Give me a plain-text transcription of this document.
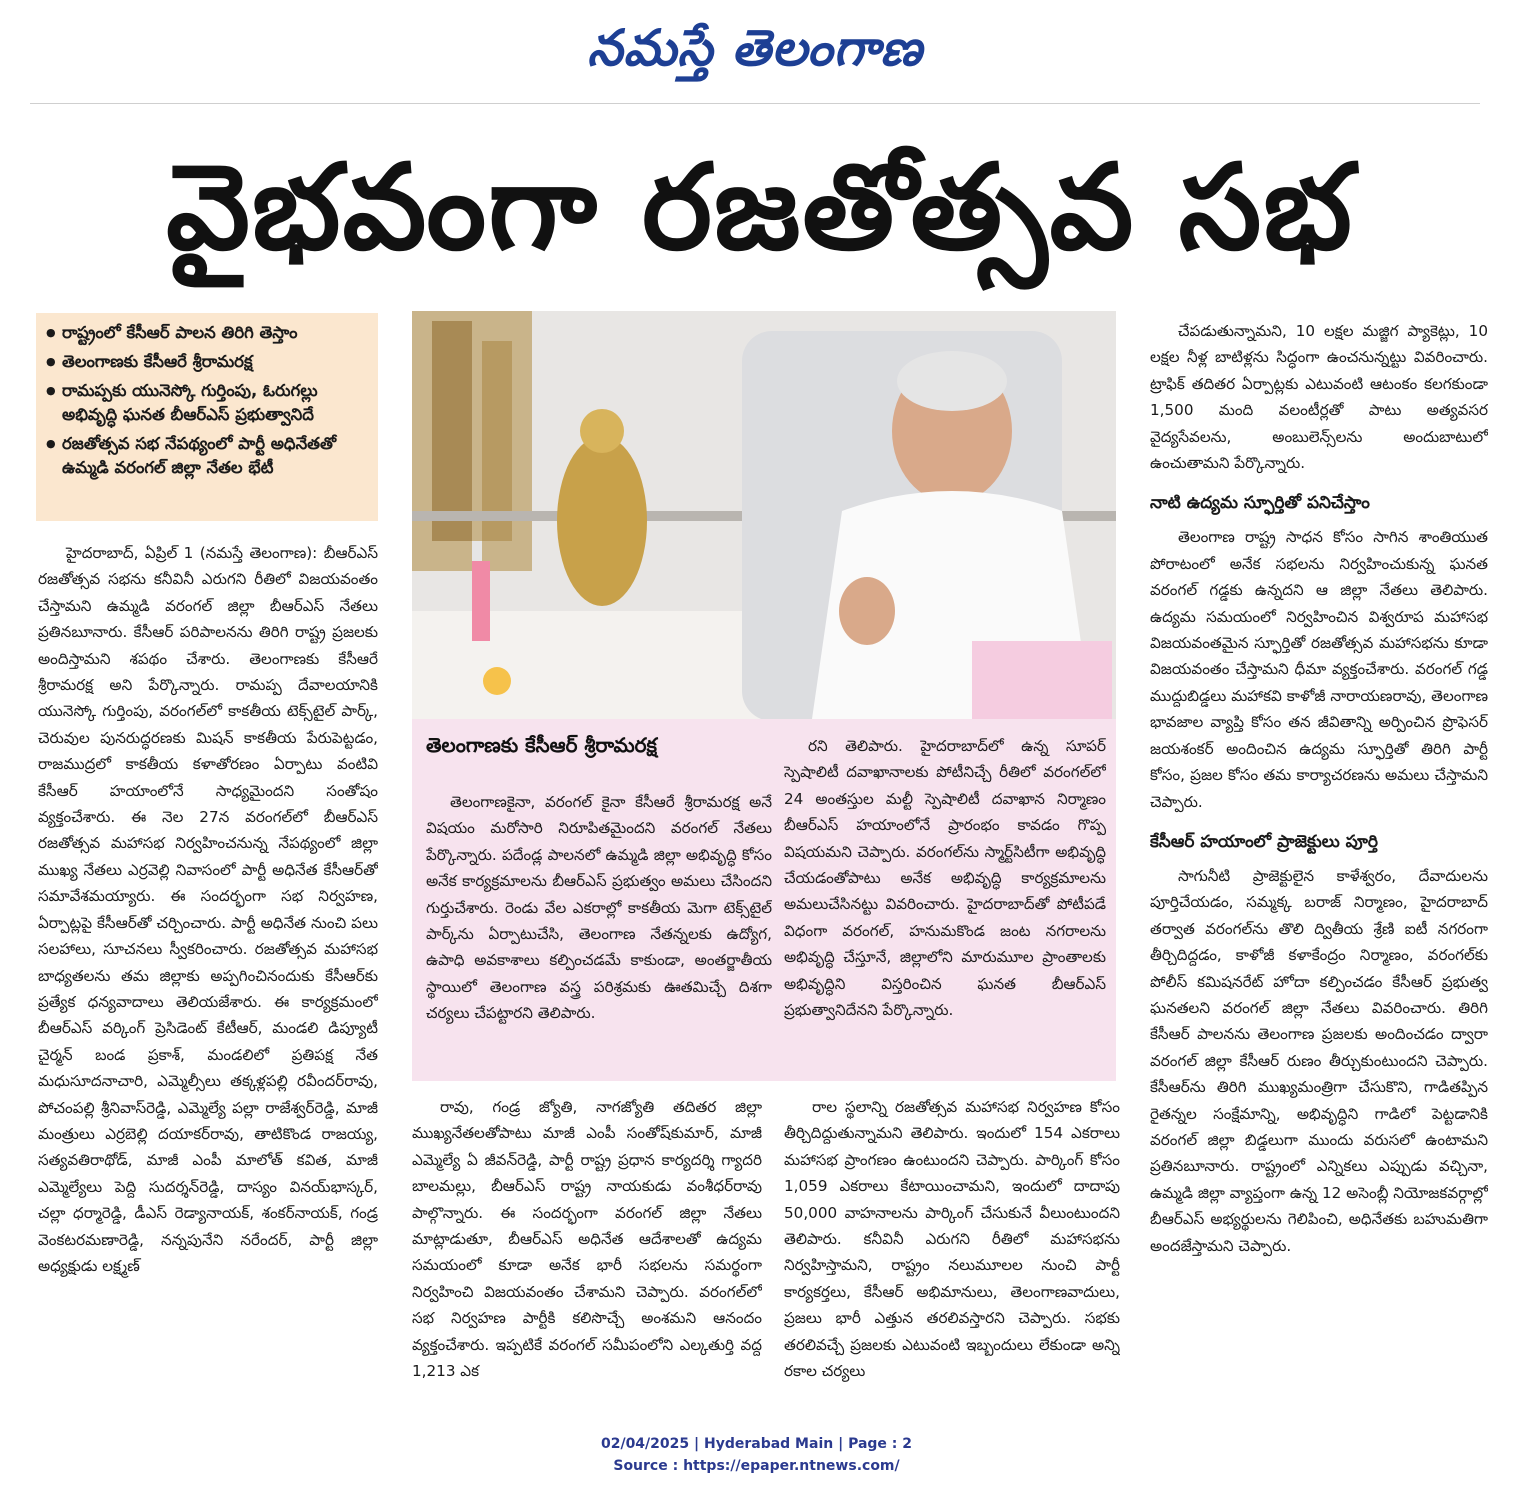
నమస్తే తెలంగాణ
వైభవంగా రజతోత్సవ సభ
● రాష్ట్రంలో కేసీఆర్ పాలన తిరిగి తెస్తాం
● తెలంగాణకు కేసీఆరే శ్రీరామరక్ష
● రామప్పకు యునెస్కో గుర్తింపు, ఓరుగల్లు అభివృద్ధి ఘనత బీఆర్ఎస్ ప్రభుత్వానిదే
● రజతోత్సవ సభ నేపథ్యంలో పార్టీ అధినేతతో ఉమ్మడి వరంగల్ జిల్లా నేతల భేటీ

హైదరాబాద్, ఏప్రిల్ 1 (నమస్తే తెలంగాణ): బీఆర్ఎస్ రజతోత్సవ సభను కనీవినీ ఎరుగని రీతిలో విజయవంతం చేస్తామని ఉమ్మడి వరంగల్ జిల్లా బీఆర్ఎస్ నేతలు ప్రతినబూనారు. కేసీఆర్ పరిపాలనను తిరిగి రాష్ట్ర ప్రజలకు అందిస్తామని శపథం చేశారు. తెలంగాణకు కేసీఆరే శ్రీరామరక్ష అని పేర్కొన్నారు. రామప్ప దేవాలయానికి యునెస్కో గుర్తింపు, వరంగల్‌లో కాకతీయ టెక్స్‌టైల్ పార్క్, చెరువుల పునరుద్ధరణకు మిషన్ కాకతీయ పేరుపెట్టడం, రాజముద్రలో కాకతీయ కళాతోరణం ఏర్పాటు వంటివి కేసీఆర్ హయాంలోనే సాధ్యమైందని సంతోషం వ్యక్తంచేశారు. ఈ నెల 27న వరంగల్‌లో బీఆర్ఎస్ రజతోత్సవ మహాసభ నిర్వహించనున్న నేపథ్యంలో జిల్లా ముఖ్య నేతలు ఎర్రవెల్లి నివాసంలో పార్టీ అధినేత కేసీఆర్‌తో సమావేశమయ్యారు. ఈ సందర్భంగా సభ నిర్వహణ, ఏర్పాట్లపై కేసీఆర్‌తో చర్చించారు. పార్టీ అధినేత నుంచి పలు సలహాలు, సూచనలు స్వీకరించారు. రజతోత్సవ మహాసభ బాధ్యతలను తమ జిల్లాకు అప్పగించినందుకు కేసీఆర్‌కు ప్రత్యేక ధన్యవాదాలు తెలియజేశారు. ఈ కార్యక్రమంలో బీఆర్ఎస్ వర్కింగ్ ప్రెసిడెంట్ కేటీఆర్, మండలి డిప్యూటీ చైర్మన్ బండ ప్రకాశ్, మండలిలో ప్రతిపక్ష నేత మధుసూదనాచారి, ఎమ్మెల్సీలు తక్కళ్లపల్లి రవీందర్‌రావు, పోచంపల్లి శ్రీనివాస్‌రెడ్డి, ఎమ్మెల్యే పల్లా రాజేశ్వర్‌రెడ్డి, మాజీ మంత్రులు ఎర్రబెల్లి దయాకర్‌రావు, తాటికొండ రాజయ్య, సత్యవతిరాథోడ్, మాజీ ఎంపీ మాలోత్ కవిత, మాజీ ఎమ్మెల్యేలు పెద్ది సుదర్శన్‌రెడ్డి, దాస్యం వినయ్‌భాస్కర్, చల్లా ధర్మారెడ్డి, డీఎస్ రెడ్యానాయక్, శంకర్‌నాయక్, గండ్ర వెంకటరమణారెడ్డి, నన్నపునేని నరేందర్, పార్టీ జిల్లా అధ్యక్షుడు లక్ష్మణ్

తెలంగాణకు కేసీఆర్ శ్రీరామరక్ష

తెలంగాణకైనా, వరంగల్ కైనా కేసీఆరే శ్రీరామరక్ష అనే విషయం మరోసారి నిరూపితమైందని వరంగల్ నేతలు పేర్కొన్నారు. పదేండ్ల పాలనలో ఉమ్మడి జిల్లా అభివృద్ధి కోసం అనేక కార్యక్రమాలను బీఆర్ఎస్ ప్రభుత్వం అమలు చేసిందని గుర్తుచేశారు. రెండు వేల ఎకరాల్లో కాకతీయ మెగా టెక్స్‌టైల్ పార్క్‌ను ఏర్పాటుచేసి, తెలంగాణ నేతన్నలకు ఉద్యోగ, ఉపాధి అవకాశాలు కల్పించడమే కాకుండా, అంతర్జాతీయ స్థాయిలో తెలంగాణ వస్త్ర పరిశ్రమకు ఊతమిచ్చే దిశగా చర్యలు చేపట్టారని తెలిపారు.

రని తెలిపారు. హైదరాబాద్‌లో ఉన్న సూపర్ స్పెషాలిటీ దవాఖానాలకు పోటీనిచ్చే రీతిలో వరంగల్‌లో 24 అంతస్తుల మల్టీ స్పెషాలిటీ దవాఖాన నిర్మాణం బీఆర్ఎస్ హయాంలోనే ప్రారంభం కావడం గొప్ప విషయమని చెప్పారు. వరంగల్‌ను స్మార్ట్‌సిటీగా అభివృద్ధి చేయడంతోపాటు అనేక అభివృద్ధి కార్యక్రమాలను అమలుచేసినట్టు వివరించారు. హైదరాబాద్‌తో పోటీపడే విధంగా వరంగల్, హనుమకొండ జంట నగరాలను అభివృద్ధి చేస్తూనే, జిల్లాలోని మారుమూల ప్రాంతాలకు అభివృద్ధిని విస్తరించిన ఘనత బీఆర్ఎస్ ప్రభుత్వానిదేనని పేర్కొన్నారు.

రావు, గండ్ర జ్యోతి, నాగజ్యోతి తదితర జిల్లా ముఖ్యనేతలతోపాటు మాజీ ఎంపీ సంతోష్‌కుమార్, మాజీ ఎమ్మెల్యే ఏ జీవన్‌రెడ్డి, పార్టీ రాష్ట్ర ప్రధాన కార్యదర్శి గ్యాదరి బాలమల్లు, బీఆర్ఎస్ రాష్ట్ర నాయకుడు వంశీధర్‌రావు పాల్గొన్నారు. ఈ సందర్భంగా వరంగల్ జిల్లా నేతలు మాట్లాడుతూ, బీఆర్ఎస్ అధినేత ఆదేశాలతో ఉద్యమ సమయంలో కూడా అనేక భారీ సభలను సమర్థంగా నిర్వహించి విజయవంతం చేశామని చెప్పారు. వరంగల్‌లో సభ నిర్వహణ పార్టీకి కలిసొచ్చే అంశమని ఆనందం వ్యక్తంచేశారు. ఇప్పటికే వరంగల్ సమీపంలోని ఎల్కతుర్తి వద్ద 1,213 ఎక

రాల స్థలాన్ని రజతోత్సవ మహాసభ నిర్వహణ కోసం తీర్చిదిద్దుతున్నామని తెలిపారు. ఇందులో 154 ఎకరాలు మహాసభ ప్రాంగణం ఉంటుందని చెప్పారు. పార్కింగ్ కోసం 1,059 ఎకరాలు కేటాయించామని, ఇందులో దాదాపు 50,000 వాహనాలను పార్కింగ్ చేసుకునే వీలుంటుందని తెలిపారు. కనీవినీ ఎరుగని రీతిలో మహాసభను నిర్వహిస్తామని, రాష్ట్రం నలుమూలల నుంచి పార్టీ కార్యకర్తలు, కేసీఆర్ అభిమానులు, తెలంగాణవాదులు, ప్రజలు భారీ ఎత్తున తరలివస్తారని చెప్పారు. సభకు తరలివచ్చే ప్రజలకు ఎటువంటి ఇబ్బందులు లేకుండా అన్ని రకాల చర్యలు

చేపడుతున్నామని, 10 లక్షల మజ్జిగ ప్యాకెట్లు, 10 లక్షల నీళ్ల బాటిళ్లను సిద్ధంగా ఉంచనున్నట్టు వివరించారు. ట్రాఫిక్ తదితర ఏర్పాట్లకు ఎటువంటి ఆటంకం కలగకుండా 1,500 మంది వలంటీర్లతో పాటు అత్యవసర వైద్యసేవలను, అంబులెన్స్‌లను అందుబాటులో ఉంచుతామని పేర్కొన్నారు.

నాటి ఉద్యమ స్ఫూర్తితో పనిచేస్తాం

తెలంగాణ రాష్ట్ర సాధన కోసం సాగిన శాంతియుత పోరాటంలో అనేక సభలను నిర్వహించుకున్న ఘనత వరంగల్ గడ్డకు ఉన్నదని ఆ జిల్లా నేతలు తెలిపారు. ఉద్యమ సమయంలో నిర్వహించిన విశ్వరూప మహాసభ విజయవంతమైన స్ఫూర్తితో రజతోత్సవ మహాసభను కూడా విజయవంతం చేస్తామని ధీమా వ్యక్తంచేశారు. వరంగల్ గడ్డ ముద్దుబిడ్డలు మహాకవి కాళోజీ నారాయణరావు, తెలంగాణ భావజాల వ్యాప్తి కోసం తన జీవితాన్ని అర్పించిన ప్రొఫెసర్ జయశంకర్ అందించిన ఉద్యమ స్ఫూర్తితో తిరిగి పార్టీ కోసం, ప్రజల కోసం తమ కార్యాచరణను అమలు చేస్తామని చెప్పారు.

కేసీఆర్ హయాంలో ప్రాజెక్టులు పూర్తి

సాగునీటి ప్రాజెక్టులైన కాళేశ్వరం, దేవాదులను పూర్తిచేయడం, సమ్మక్క బరాజ్ నిర్మాణం, హైదరాబాద్ తర్వాత వరంగల్‌ను తొలి ద్వితీయ శ్రేణి ఐటీ నగరంగా తీర్చిదిద్దడం, కాళోజీ కళాకేంద్రం నిర్మాణం, వరంగల్‌కు పోలీస్ కమిషనరేట్ హోదా కల్పించడం కేసీఆర్ ప్రభుత్వ ఘనతలని వరంగల్ జిల్లా నేతలు వివరించారు. తిరిగి కేసీఆర్ పాలనను తెలంగాణ ప్రజలకు అందించడం ద్వారా వరంగల్ జిల్లా కేసీఆర్ రుణం తీర్చుకుంటుందని చెప్పారు. కేసీఆర్‌ను తిరిగి ముఖ్యమంత్రిగా చేసుకొని, గాడితప్పిన రైతన్నల సంక్షేమాన్ని, అభివృద్ధిని గాడిలో పెట్టడానికి వరంగల్ జిల్లా బిడ్డలుగా ముందు వరుసలో ఉంటామని ప్రతినబూనారు. రాష్ట్రంలో ఎన్నికలు ఎప్పుడు వచ్చినా, ఉమ్మడి జిల్లా వ్యాప్తంగా ఉన్న 12 అసెంబ్లీ నియోజకవర్గాల్లో బీఆర్ఎస్ అభ్యర్థులను గెలిపించి, అధినేతకు బహుమతిగా అందజేస్తామని చెప్పారు.

02/04/2025 | Hyderabad Main | Page : 2
Source : https://epaper.ntnews.com/
